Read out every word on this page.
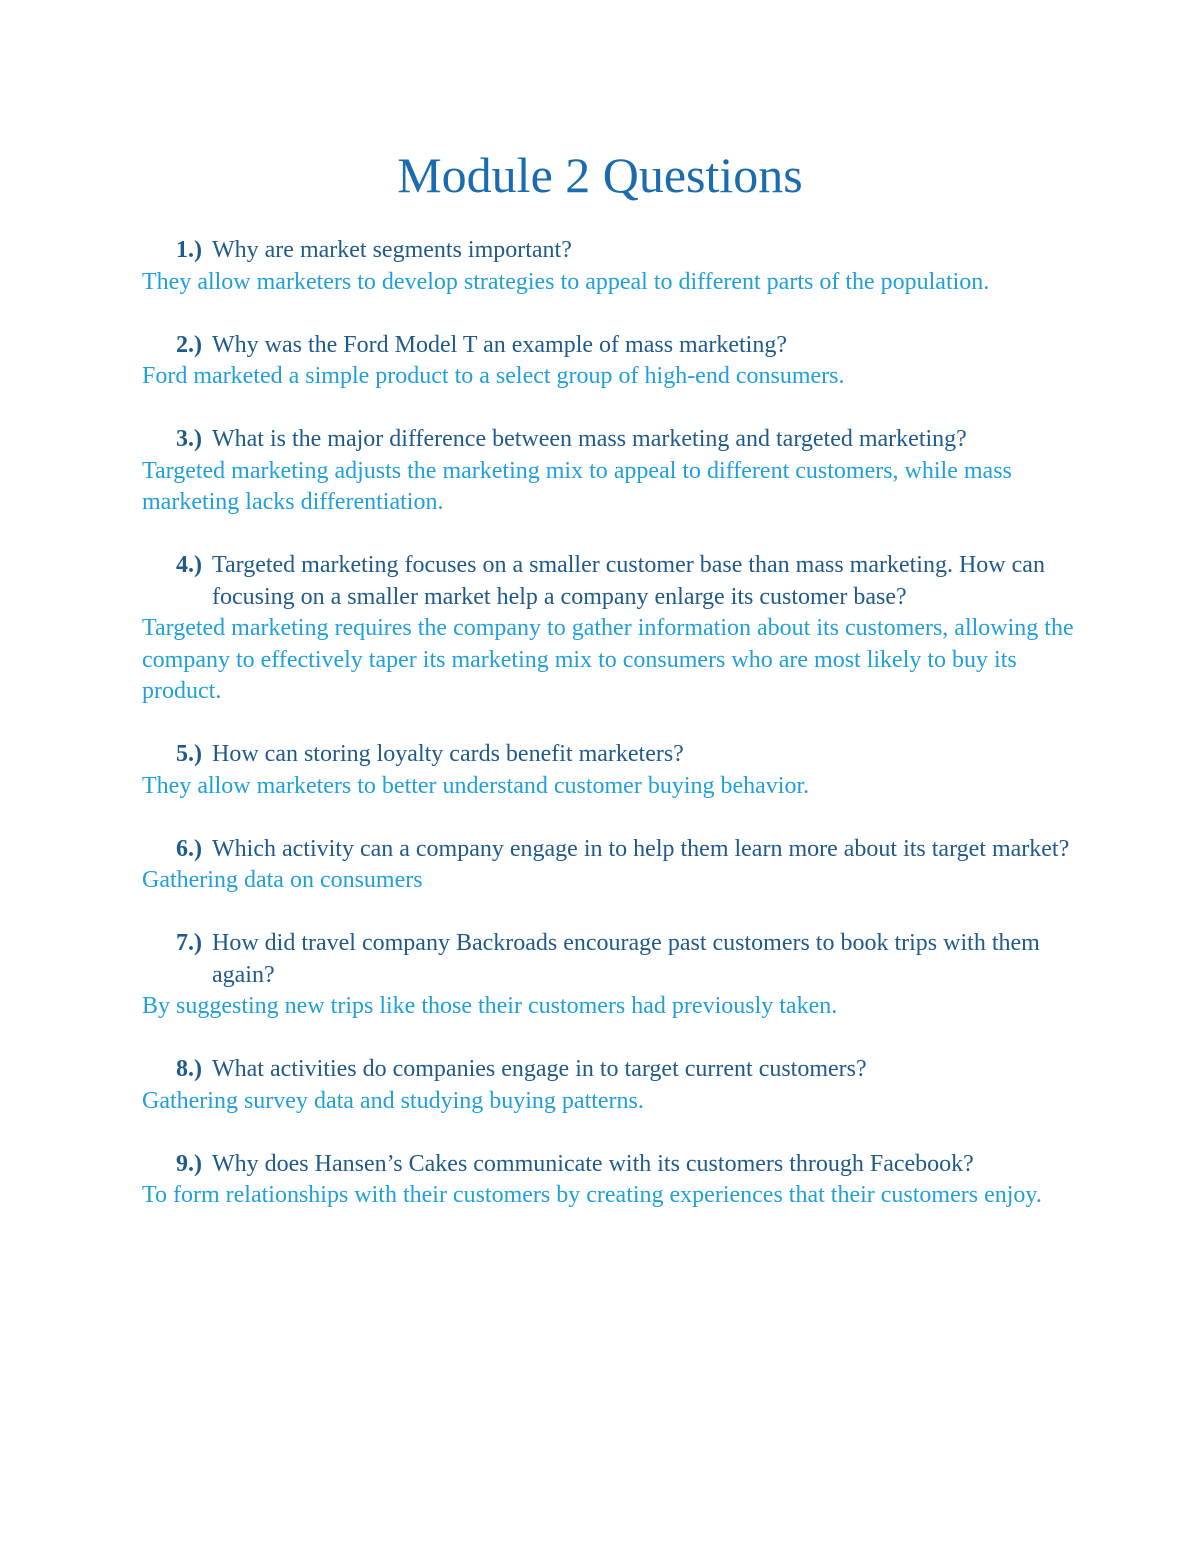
Module 2 Questions
1.) Why are market segments important?
They allow marketers to develop strategies to appeal to different parts of the population.
2.) Why was the Ford Model T an example of mass marketing?
Ford marketed a simple product to a select group of high-end consumers.
3.) What is the major difference between mass marketing and targeted marketing?
Targeted marketing adjusts the marketing mix to appeal to different customers, while mass marketing lacks differentiation.
4.) Targeted marketing focuses on a smaller customer base than mass marketing. How can focusing on a smaller market help a company enlarge its customer base?
Targeted marketing requires the company to gather information about its customers, allowing the company to effectively taper its marketing mix to consumers who are most likely to buy its product.
5.) How can storing loyalty cards benefit marketers?
They allow marketers to better understand customer buying behavior.
6.) Which activity can a company engage in to help them learn more about its target market?
Gathering data on consumers
7.) How did travel company Backroads encourage past customers to book trips with them again?
By suggesting new trips like those their customers had previously taken.
8.) What activities do companies engage in to target current customers?
Gathering survey data and studying buying patterns.
9.) Why does Hansen’s Cakes communicate with its customers through Facebook?
To form relationships with their customers by creating experiences that their customers enjoy.
